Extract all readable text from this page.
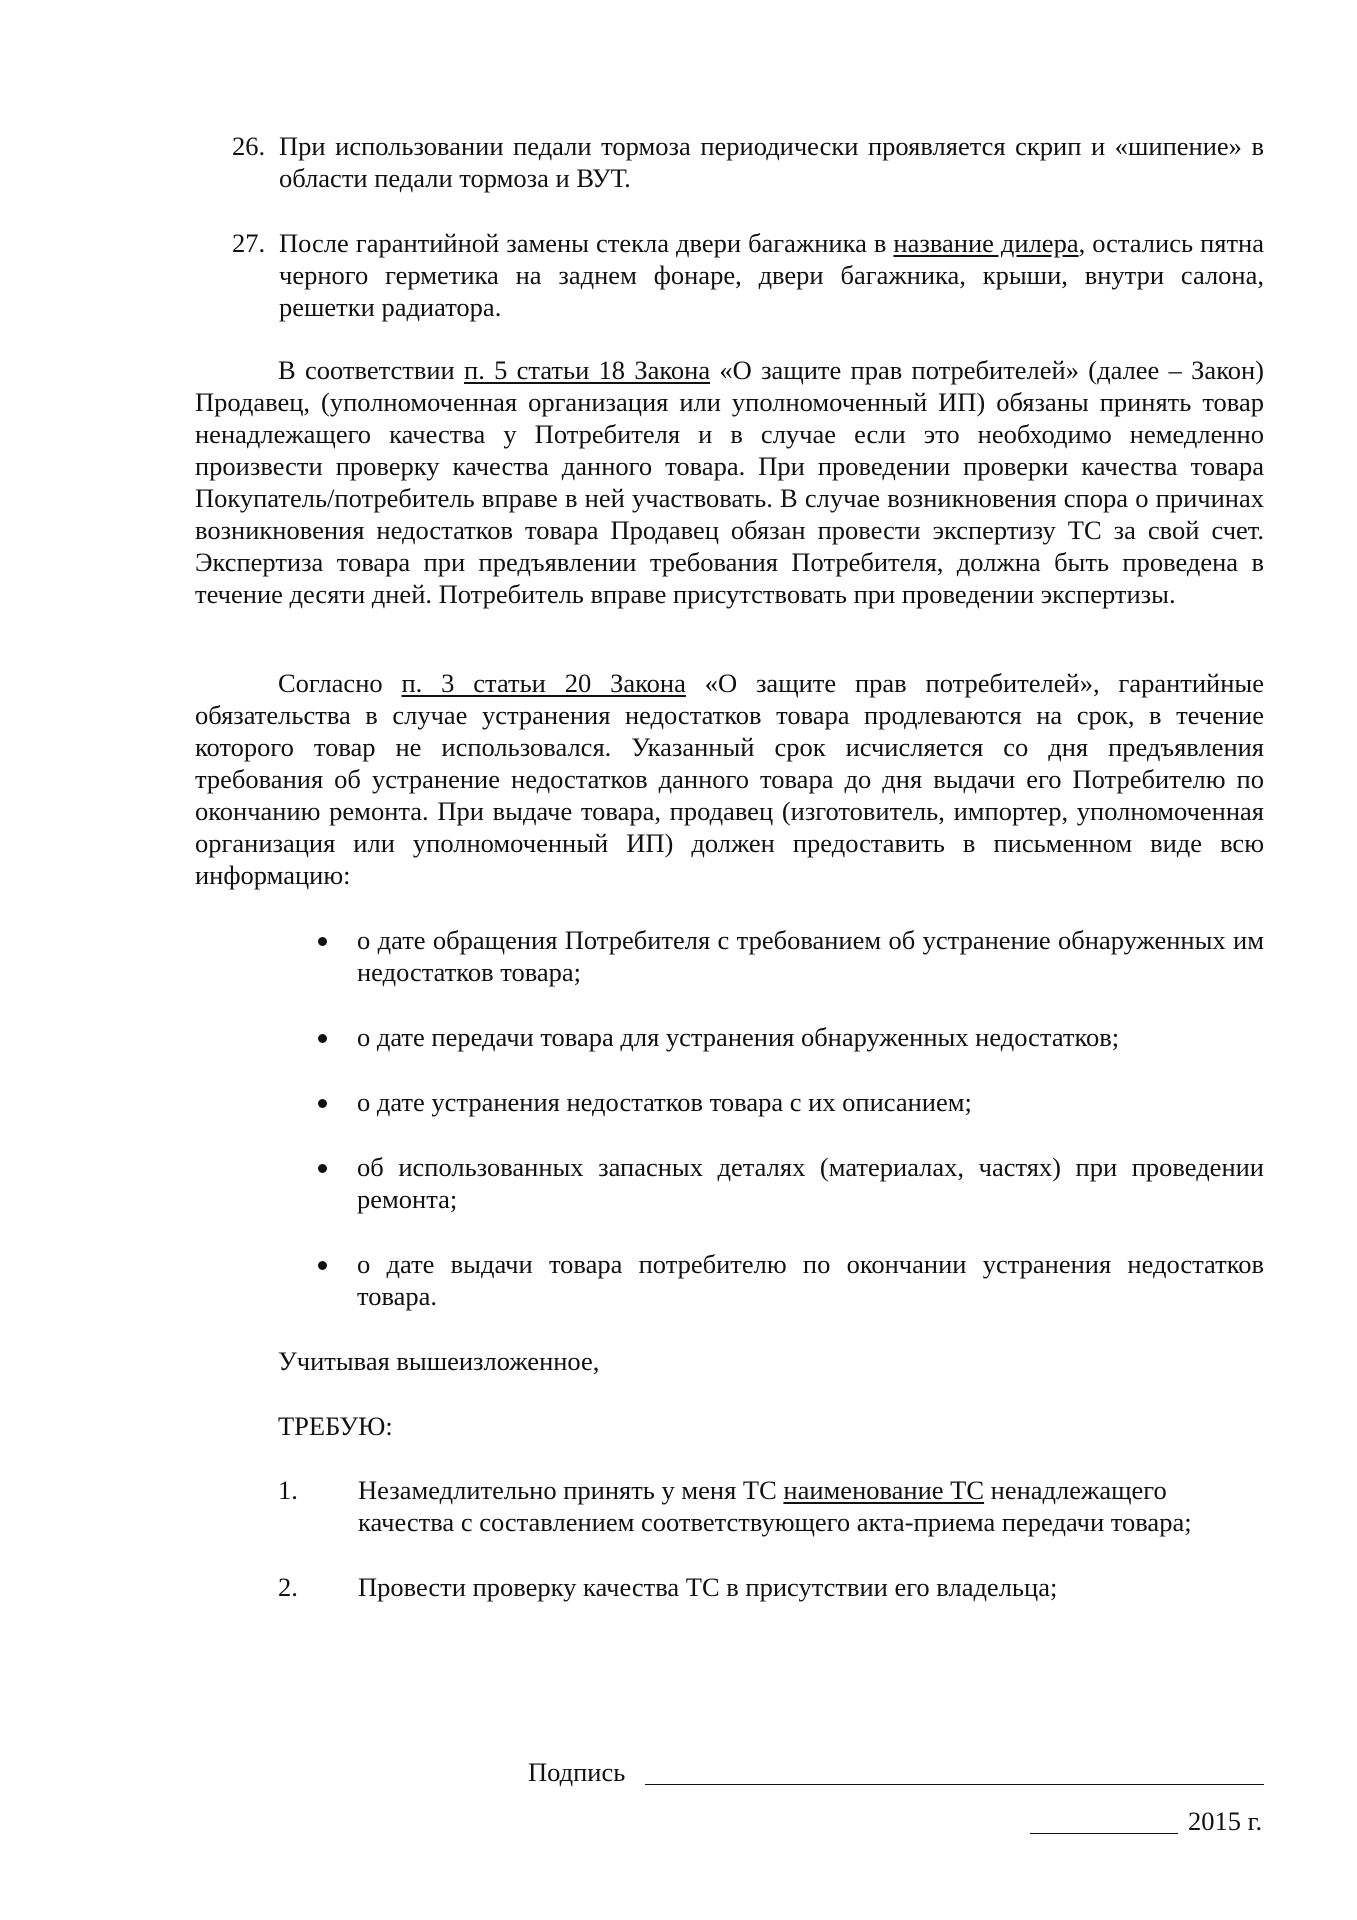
26. При использовании педали тормоза периодически проявляется скрип и «шипение» в области педали тормоза и ВУТ.
27. После гарантийной замены стекла двери багажника в название дилера, остались пятна черного герметика на заднем фонаре, двери багажника, крыши, внутри салона, решетки радиатора.
В соответствии п. 5 статьи 18 Закона «О защите прав потребителей» (далее – Закон) Продавец, (уполномоченная организация или уполномоченный ИП) обязаны принять товар ненадлежащего качества у Потребителя и в случае если это необходимо немедленно произвести проверку качества данного товара. При проведении проверки качества товара Покупатель/потребитель вправе в ней участвовать. В случае возникновения спора о причинах возникновения недостатков товара Продавец обязан провести экспертизу ТС за свой счет. Экспертиза товара при предъявлении требования Потребителя, должна быть проведена в течение десяти дней. Потребитель вправе присутствовать при проведении экспертизы.
Согласно п. 3 статьи 20 Закона «О защите прав потребителей», гарантийные обязательства в случае устранения недостатков товара продлеваются на срок, в течение которого товар не использовался. Указанный срок исчисляется со дня предъявления требования об устранение недостатков данного товара до дня выдачи его Потребителю по окончанию ремонта. При выдаче товара, продавец (изготовитель, импортер, уполномоченная организация или уполномоченный ИП) должен предоставить в письменном виде всю информацию:
о дате обращения Потребителя с требованием об устранение обнаруженных им недостатков товара;
о дате передачи товара для устранения обнаруженных недостатков;
о дате устранения недостатков товара с их описанием;
об использованных запасных деталях (материалах, частях) при проведении ремонта;
о дате выдачи товара потребителю по окончании устранения недостатков товара.
Учитывая вышеизложенное,
ТРЕБУЮ:
1. Незамедлительно принять у меня ТС наименование ТС ненадлежащего качества с составлением соответствующего акта-приема передачи товара;
2. Провести проверку качества ТС в присутствии его владельца;
Подпись
2015 г.
